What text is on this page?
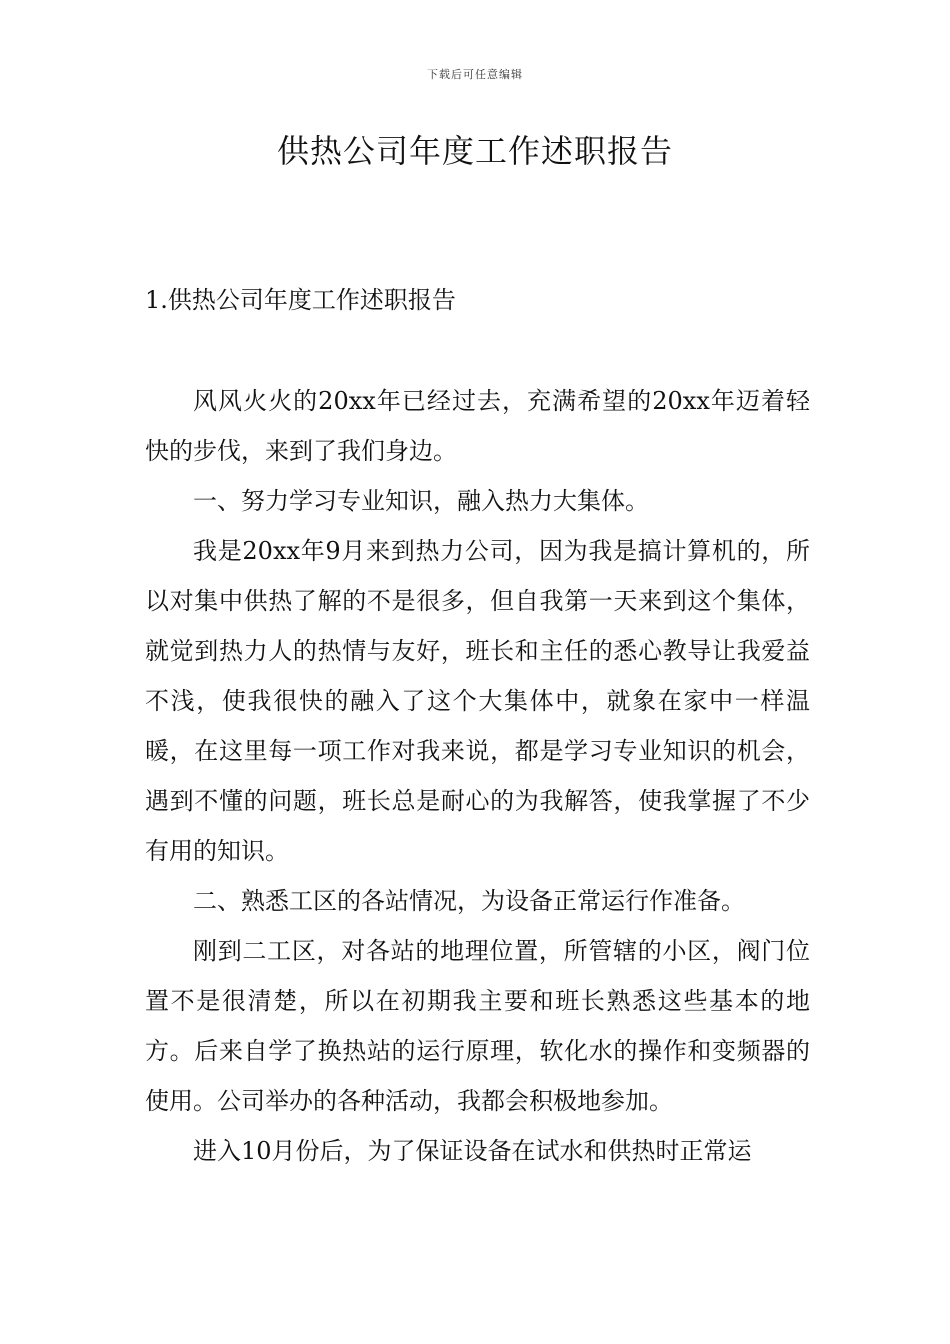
下载后可任意编辑
供热公司年度工作述职报告
1.供热公司年度工作述职报告

风风火火的20xx年已经过去，充满希望的20xx年迈着轻快的步伐，来到了我们身边。

一、努力学习专业知识，融入热力大集体。

我是20xx年9月来到热力公司，因为我是搞计算机的，所以对集中供热了解的不是很多，但自我第一天来到这个集体，就觉到热力人的热情与友好，班长和主任的悉心教导让我爱益不浅，使我很快的融入了这个大集体中，就象在家中一样温暖，在这里每一项工作对我来说，都是学习专业知识的机会，遇到不懂的问题，班长总是耐心的为我解答，使我掌握了不少有用的知识。

二、熟悉工区的各站情况，为设备正常运行作准备。

刚到二工区，对各站的地理位置，所管辖的小区，阀门位置不是很清楚，所以在初期我主要和班长熟悉这些基本的地方。后来自学了换热站的运行原理，软化水的操作和变频器的使用。公司举办的各种活动，我都会积极地参加。

进入10月份后，为了保证设备在试水和供热时正常运
